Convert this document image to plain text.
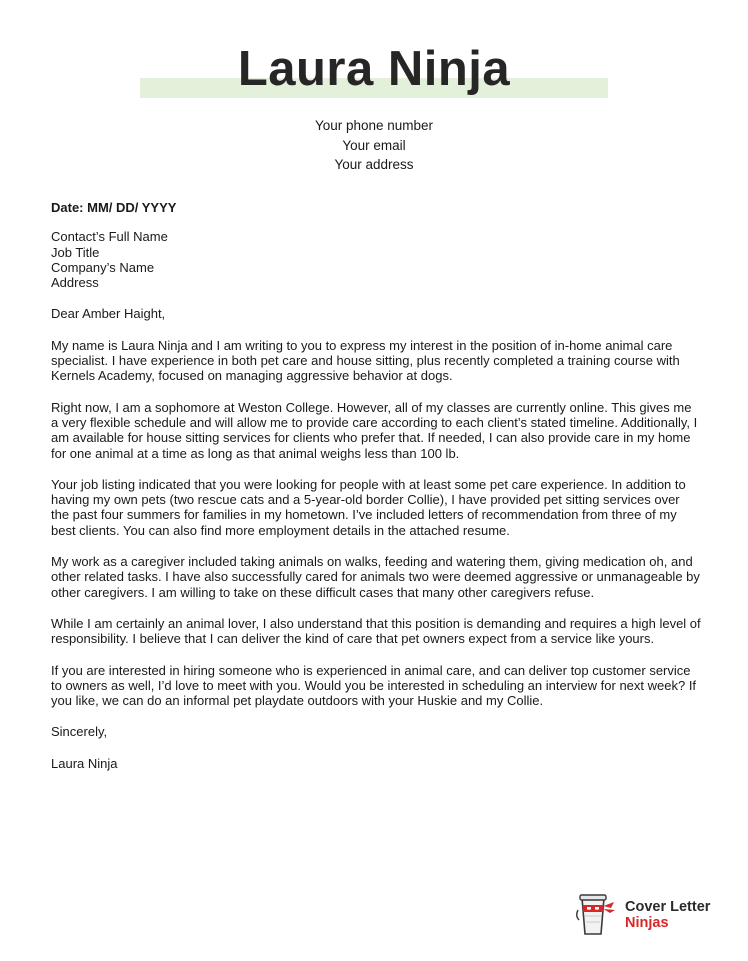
Laura Ninja
Your phone number
Your email
Your address
Date: MM/ DD/ YYYY
Contact’s Full Name
Job Title
Company’s Name
Address

Dear Amber Haight,

My name is Laura Ninja and I am writing to you to express my interest in the position of in-home animal care specialist. I have experience in both pet care and house sitting, plus recently completed a training course with Kernels Academy, focused on managing aggressive behavior at dogs.

Right now, I am a sophomore at Weston College. However, all of my classes are currently online. This gives me a very flexible schedule and will allow me to provide care according to each client’s stated timeline. Additionally, I am available for house sitting services for clients who prefer that. If needed, I can also provide care in my home for one animal at a time as long as that animal weighs less than 100 lb.

Your job listing indicated that you were looking for people with at least some pet care experience. In addition to having my own pets (two rescue cats and a 5-year-old border Collie), I have provided pet sitting services over the past four summers for families in my hometown. I’ve included letters of recommendation from three of my best clients. You can also find more employment details in the attached resume.

My work as a caregiver included taking animals on walks, feeding and watering them, giving medication oh, and other related tasks. I have also successfully cared for animals two were deemed aggressive or unmanageable by other caregivers. I am willing to take on these difficult cases that many other caregivers refuse.

While I am certainly an animal lover, I also understand that this position is demanding and requires a high level of responsibility. I believe that I can deliver the kind of care that pet owners expect from a service like yours.

If you are interested in hiring someone who is experienced in animal care, and can deliver top customer service to owners as well, I’d love to meet with you. Would you be interested in scheduling an interview for next week? If you like, we can do an informal pet playdate outdoors with your Huskie and my Collie.

Sincerely,
Laura Ninja
Cover Letter
Ninjas
